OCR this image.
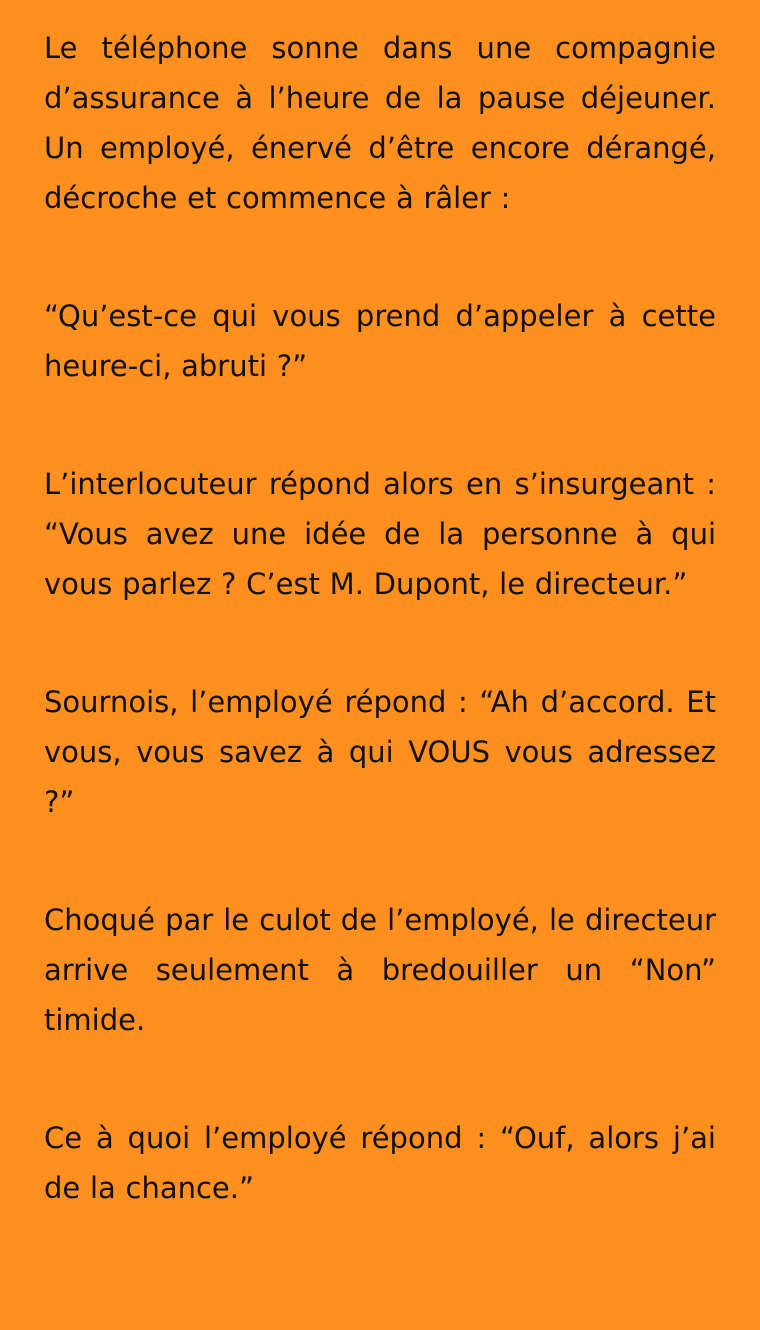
Le téléphone sonne dans une compagnie d’assurance à l’heure de la pause déjeuner. Un employé, énervé d’être encore dérangé, décroche et commence à râler :

“Qu’est-ce qui vous prend d’appeler à cette heure-ci, abruti ?”

L’interlocuteur répond alors en s’insurgeant : “Vous avez une idée de la personne à qui vous parlez ? C’est M. Dupont, le directeur.”

Sournois, l’employé répond : “Ah d’accord. Et vous, vous savez à qui VOUS vous adressez ?”

Choqué par le culot de l’employé, le directeur arrive seulement à bredouiller un “Non” timide.

Ce à quoi l’employé répond : “Ouf, alors j’ai de la chance.”
